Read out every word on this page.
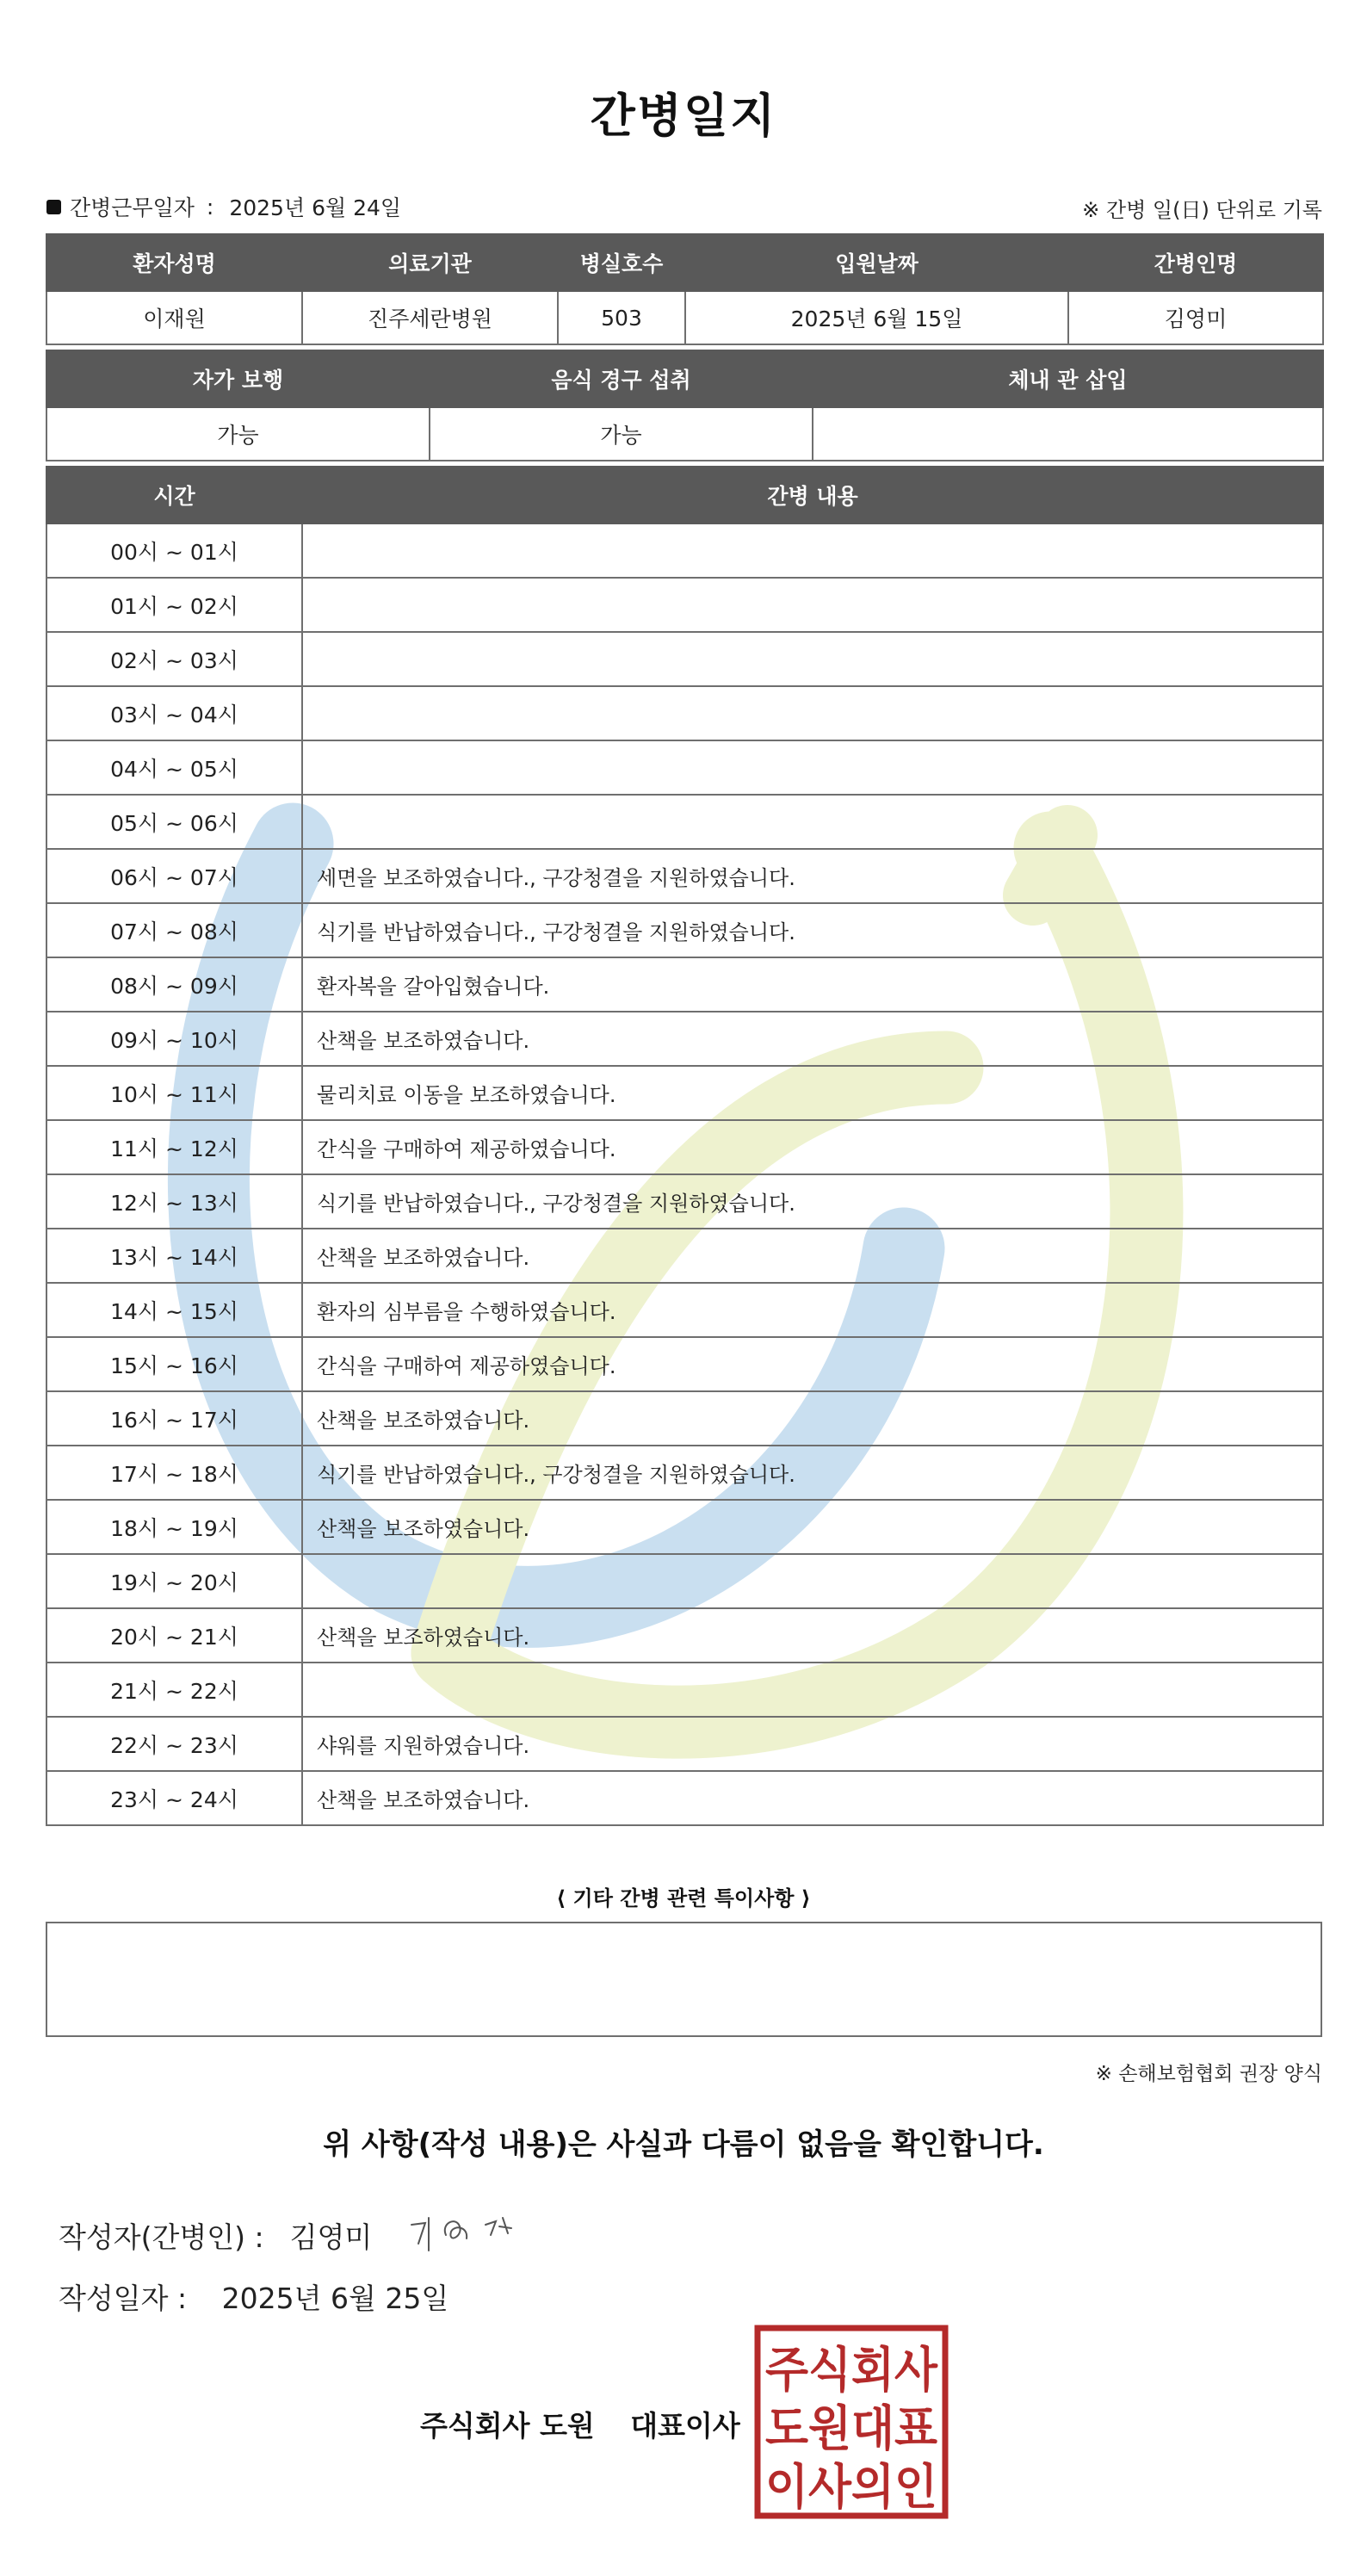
간병일지
간병근무일자 : 2025년 6월 24일	※ 간병 일(日) 단위로 기록
환자성명	의료기관	병실호수	입원날짜	간병인명
이재원	진주세란병원	503	2025년 6월 15일	김영미
자가 보행	음식 경구 섭취	체내 관 삽입
가능	가능	
시간	간병 내용
00시 ~ 01시	
01시 ~ 02시	
02시 ~ 03시	
03시 ~ 04시	
04시 ~ 05시	
05시 ~ 06시	
06시 ~ 07시	세면을 보조하였습니다., 구강청결을 지원하였습니다.
07시 ~ 08시	식기를 반납하였습니다., 구강청결을 지원하였습니다.
08시 ~ 09시	환자복을 갈아입혔습니다.
09시 ~ 10시	산책을 보조하였습니다.
10시 ~ 11시	물리치료 이동을 보조하였습니다.
11시 ~ 12시	간식을 구매하여 제공하였습니다.
12시 ~ 13시	식기를 반납하였습니다., 구강청결을 지원하였습니다.
13시 ~ 14시	산책을 보조하였습니다.
14시 ~ 15시	환자의 심부름을 수행하였습니다.
15시 ~ 16시	간식을 구매하여 제공하였습니다.
16시 ~ 17시	산책을 보조하였습니다.
17시 ~ 18시	식기를 반납하였습니다., 구강청결을 지원하였습니다.
18시 ~ 19시	산책을 보조하였습니다.
19시 ~ 20시	
20시 ~ 21시	산책을 보조하였습니다.
21시 ~ 22시	
22시 ~ 23시	샤워를 지원하였습니다.
23시 ~ 24시	산책을 보조하였습니다.
⟨ 기타 간병 관련 특이사항 ⟩
※ 손해보험협회 권장 양식
위 사항(작성 내용)은 사실과 다름이 없음을 확인합니다.
작성자(간병인) : 김영미
작성일자 : 2025년 6월 25일
주식회사 도원 대표이사
주식회사
도원대표
이사의인
